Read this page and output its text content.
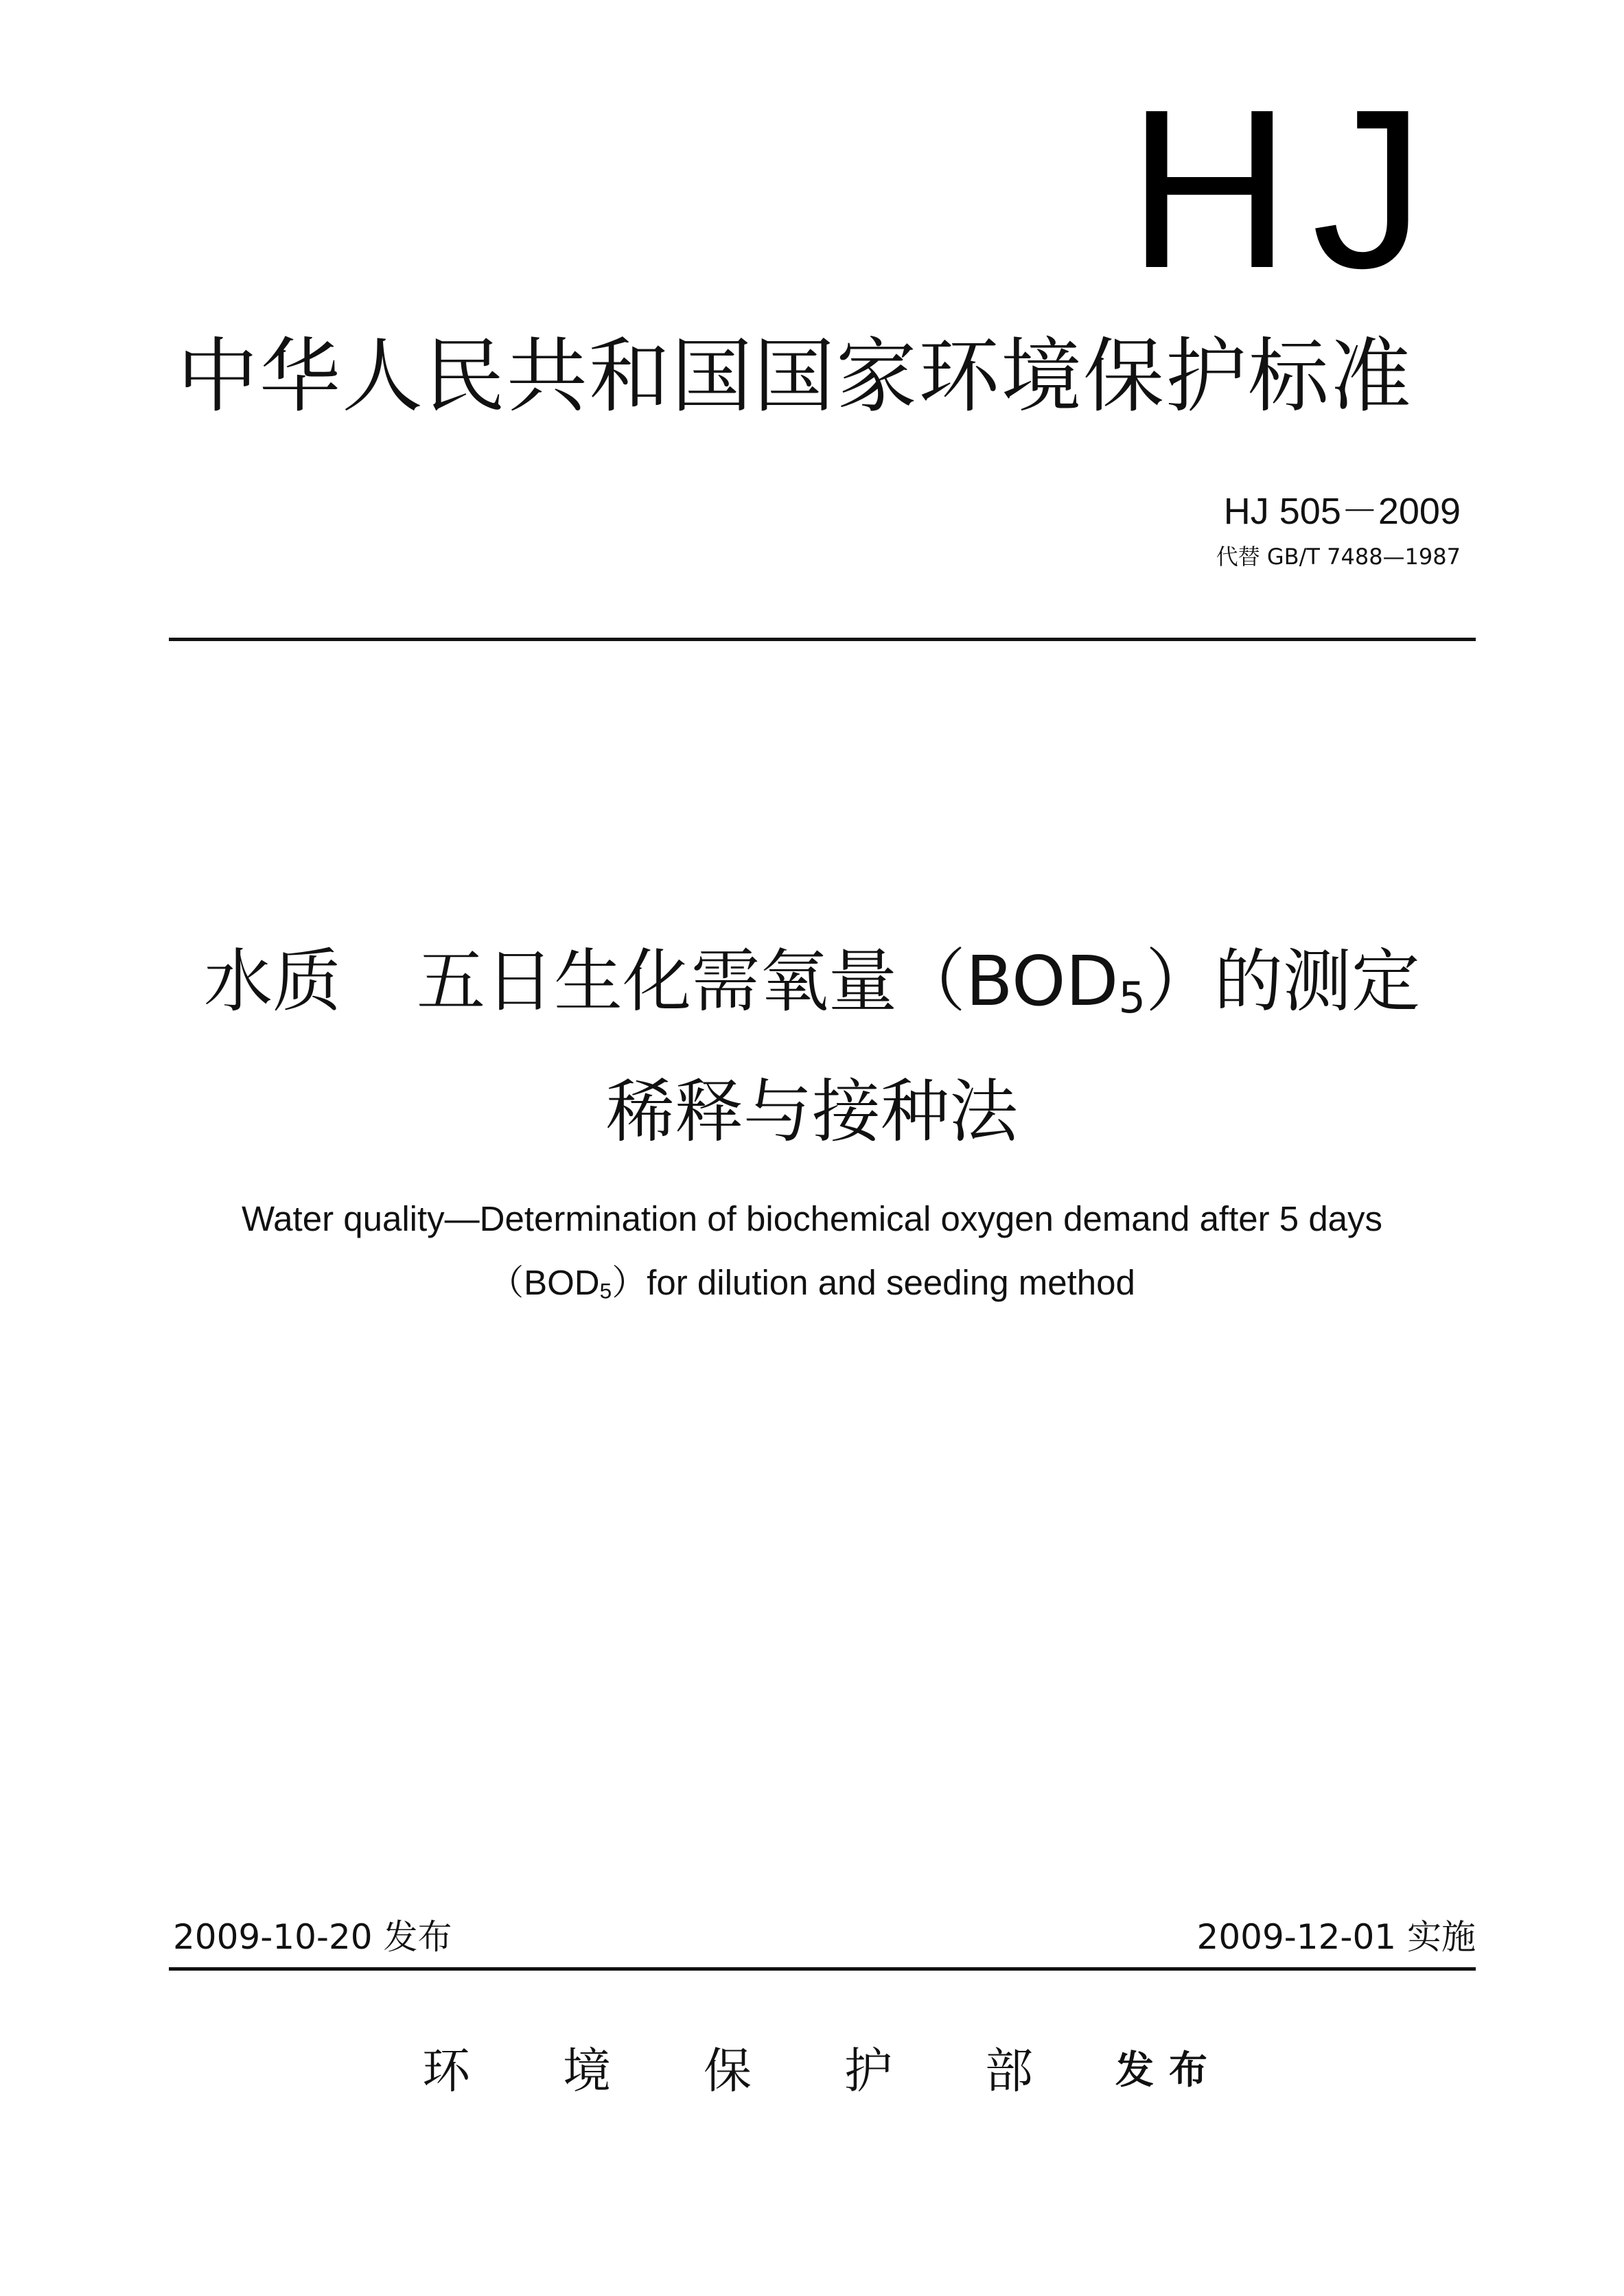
HJ
中华人民共和国国家环境保护标准
HJ 505－2009
代替 GB/T 7488—1987
水质 五日生化需氧量$(BOD_5)$的测定
稀释与接种法
Water quality—Determination of biochemical oxygen demand after 5 days
$(BOD_5)for$ dilution and seeding method
2009-10-20 发布	2009-12-01 实施
环境保护部
发布
